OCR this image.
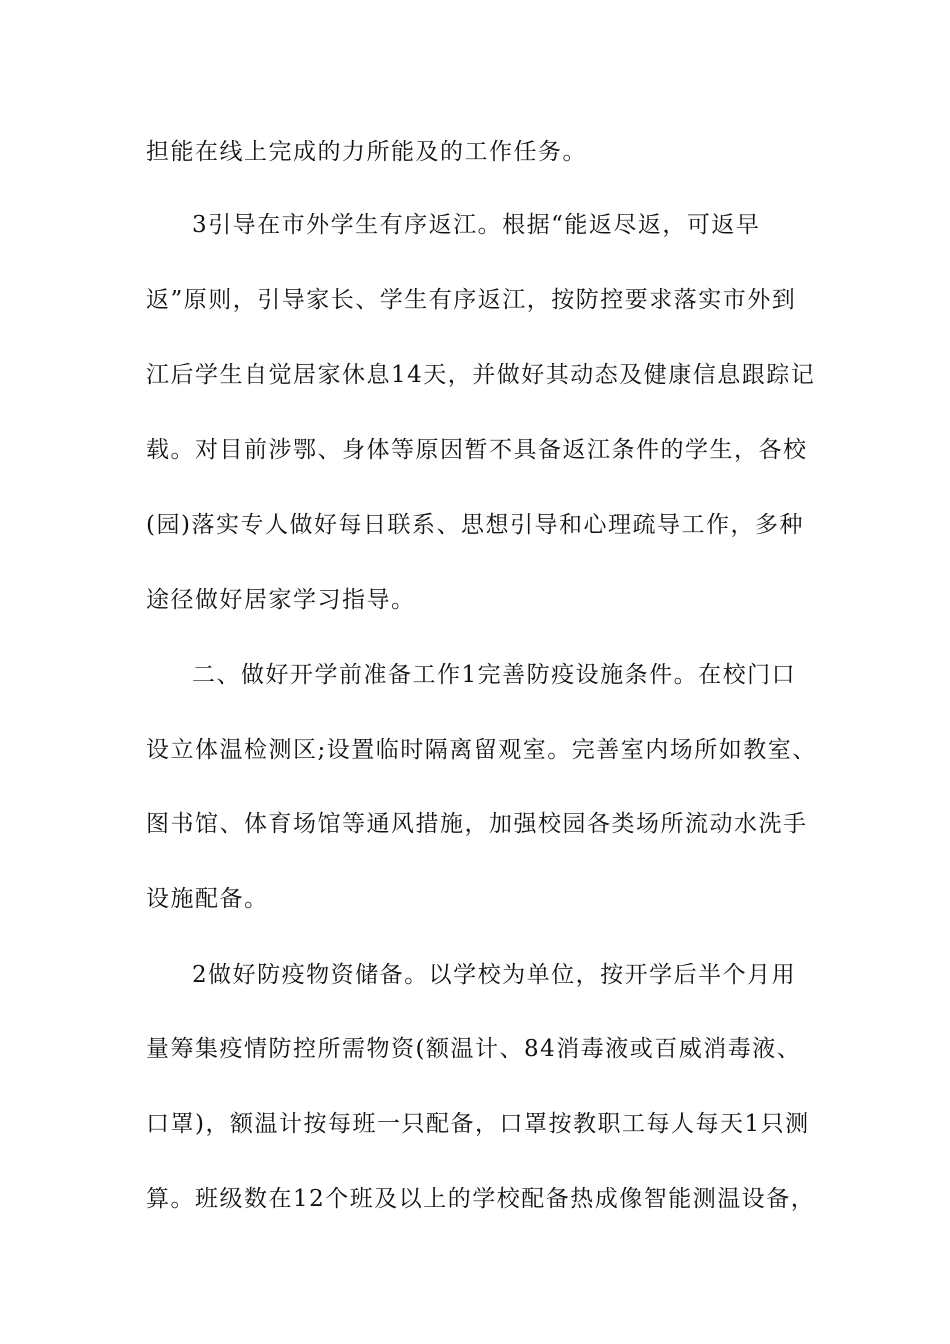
担能在线上完成的力所能及的工作任务。
3引导在市外学生有序返江。根据“能返尽返，可返早
返”原则，引导家长、学生有序返江，按防控要求落实市外到
江后学生自觉居家休息14天，并做好其动态及健康信息跟踪记
载。对目前涉鄂、身体等原因暂不具备返江条件的学生，各校
(园)落实专人做好每日联系、思想引导和心理疏导工作，多种
途径做好居家学习指导。
二、做好开学前准备工作1完善防疫设施条件。在校门口
设立体温检测区;设置临时隔离留观室。完善室内场所如教室、
图书馆、体育场馆等通风措施，加强校园各类场所流动水洗手
设施配备。
2做好防疫物资储备。以学校为单位，按开学后半个月用
量筹集疫情防控所需物资(额温计、84消毒液或百威消毒液、
口罩)，额温计按每班一只配备，口罩按教职工每人每天1只测
算。班级数在12个班及以上的学校配备热成像智能测温设备，
